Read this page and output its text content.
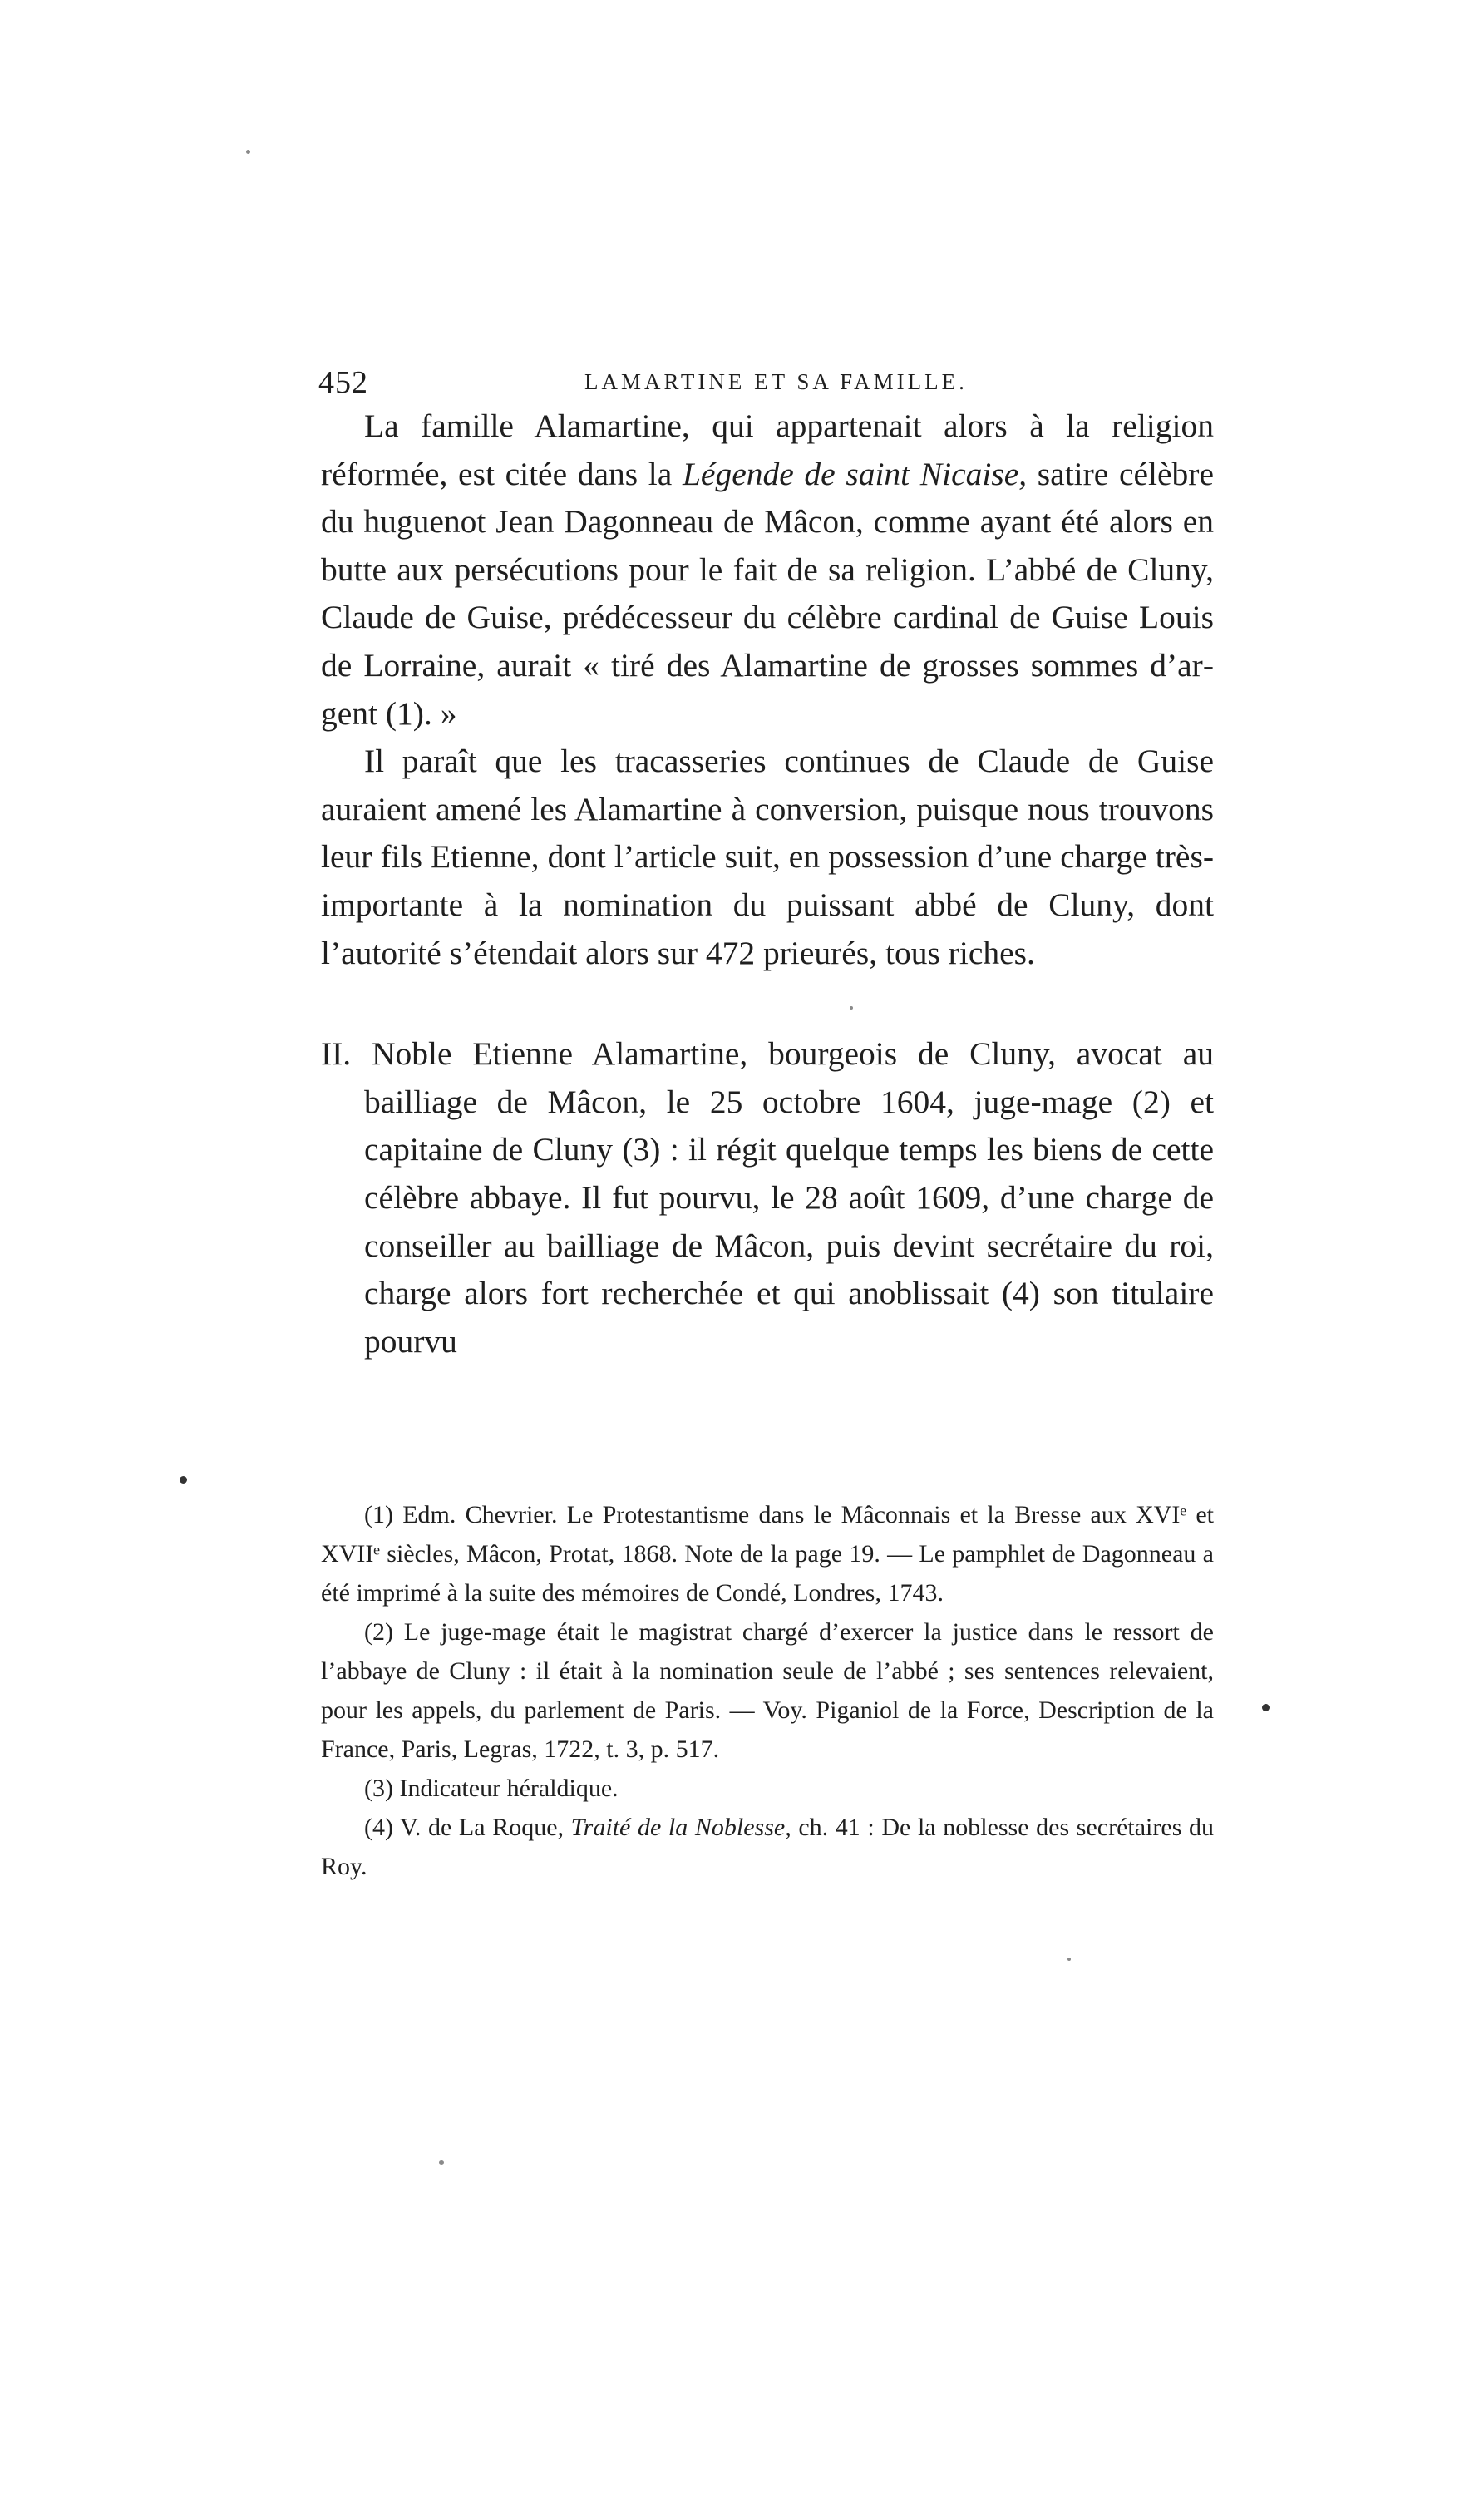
452	LAMARTINE ET SA FAMILLE.

La famille Alamartine, qui appartenait alors à la religion réformée, est citée dans la Légende de saint Nicaise, satire célèbre du huguenot Jean Dagonneau de Mâcon, comme ayant été alors en butte aux persécutions pour le fait de sa religion. L’abbé de Cluny, Claude de Guise, prédécesseur du célèbre cardinal de Guise Louis de Lorraine, aurait « tiré des Alamartine de grosses sommes d’argent (1). »

Il paraît que les tracasseries continues de Claude de Guise auraient amené les Alamartine à conversion, puisque nous trouvons leur fils Etienne, dont l’article suit, en possession d’une charge très-importante à la nomination du puissant abbé de Cluny, dont l’autorité s’étendait alors sur 472 prieurés, tous riches.

II. Noble Etienne Alamartine, bourgeois de Cluny, avocat au bailliage de Mâcon, le 25 octobre 1604, juge-mage (2) et capitaine de Cluny (3) : il régit quelque temps les biens de cette célèbre abbaye. Il fut pourvu, le 28 août 1609, d’une charge de conseiller au bailliage de Mâcon, puis devint secrétaire du roi, charge alors fort recherchée et qui anoblissait (4) son titulaire pourvu

(1) Edm. Chevrier. Le Protestantisme dans le Mâconnais et la Bresse aux XVIᵉ et XVIIᵉ siècles, Mâcon, Protat, 1868. Note de la page 19. — Le pamphlet de Dagonneau a été imprimé à la suite des mémoires de Condé, Londres, 1743.

(2) Le juge-mage était le magistrat chargé d’exercer la justice dans le ressort de l’abbaye de Cluny : il était à la nomination seule de l’abbé ; ses sentences relevaient, pour les appels, du parlement de Paris. — Voy. Piganiol de la Force, Description de la France, Paris, Legras, 1722, t. 3, p. 517.

(3) Indicateur héraldique.

(4) V. de La Roque, Traité de la Noblesse, ch. 41 : De la noblesse des secrétaires du Roy.
